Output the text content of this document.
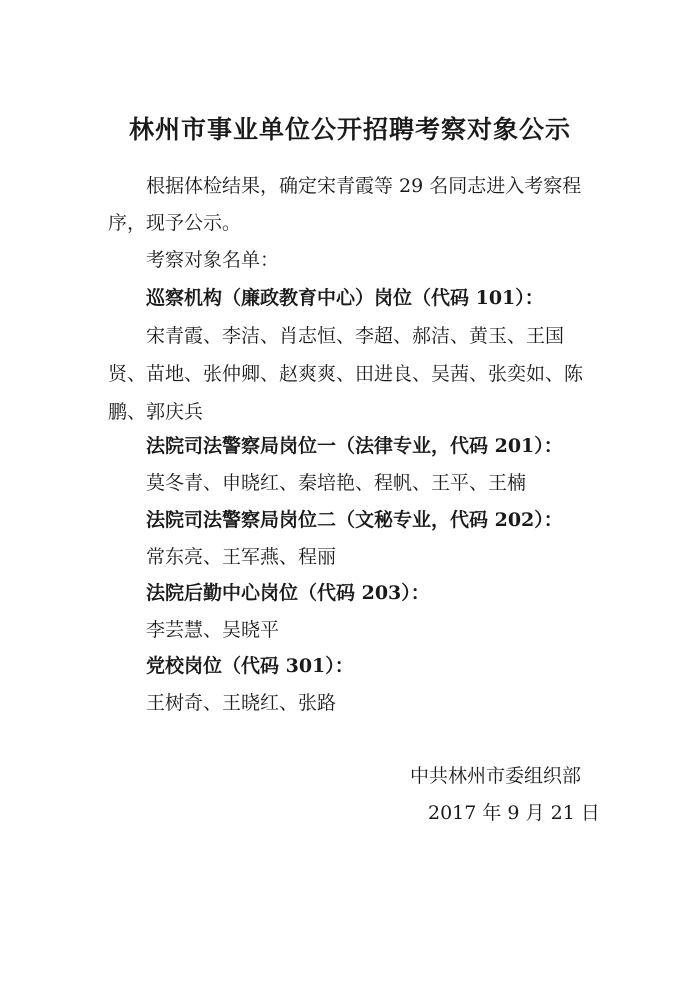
林州市事业单位公开招聘考察对象公示
根据体检结果，确定宋青霞等 29 名同志进入考察程序，现予公示。
考察对象名单：
巡察机构（廉政教育中心）岗位（代码 101）：
宋青霞、李洁、肖志恒、李超、郝洁、黄玉、王国贤、苗地、张仲卿、赵爽爽、田进良、吴茜、张奕如、陈鹏、郭庆兵
法院司法警察局岗位一（法律专业，代码 201）：
莫冬青、申晓红、秦培艳、程帆、王平、王楠
法院司法警察局岗位二（文秘专业，代码 202）：
常东亮、王军燕、程丽
法院后勤中心岗位（代码 203）：
李芸慧、吴晓平
党校岗位（代码 301）：
王树奇、王晓红、张路
中共林州市委组织部
2017 年 9 月 21 日
